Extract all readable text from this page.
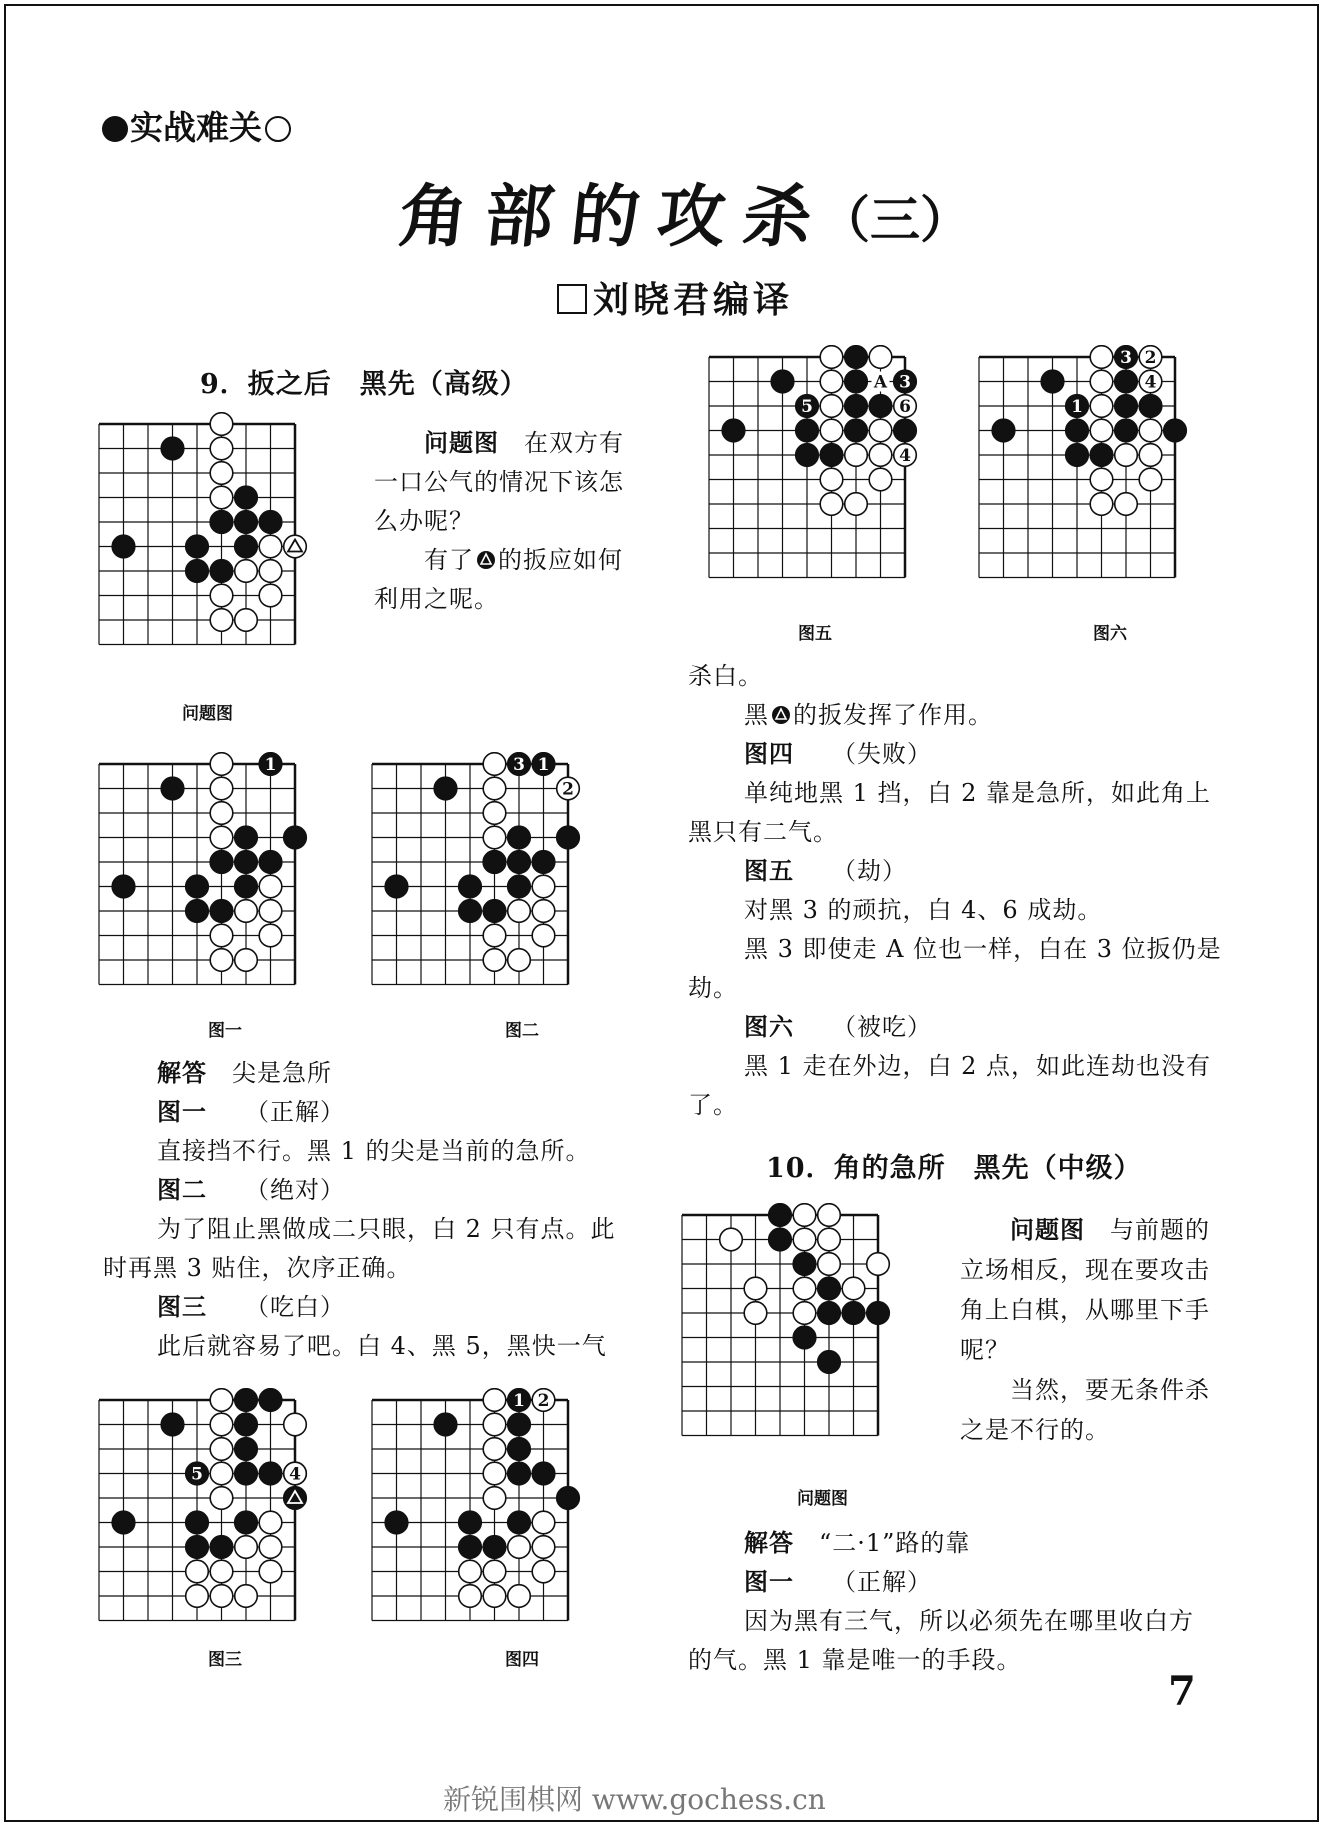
实战难关
角部的攻杀
（三）
刘晓君编译
9．扳之后　黑先（高级）
1	3 1
2
5	4
1 2
3
A
5	6
4
3 2
4
1
问题图
图一	图二
图三	图四
图五	图六
问题图
问题图　 在双方有
一口公气的情况下该怎
么办呢？
有了 的扳应如何
利用之呢。
解答　 尖是急所
图一　　 （正解）
直接挡不行。黑 1 的尖是当前的急所。
图二　　 （绝对）
为了阻止黑做成二只眼，白 2 只有点。此
时再黑 3 贴住，次序正确。
图三　　 （吃白）
此后就容易了吧。白 4、黑 5，黑快一气
杀白。
黑 的扳发挥了作用。
图四　　 （失败）
单纯地黑 1 挡，白 2 靠是急所，如此角上
黑只有二气。
图五　　 （劫）
对黑 3 的顽抗，白 4、6 成劫。
黑 3 即使走 A 位也一样，白在 3 位扳仍是
劫。
图六　　 （被吃）
黑 1 走在外边，白 2 点，如此连劫也没有
了。
10．角的急所　黑先（中级）
问题图　 与前题的
立场相反，现在要攻击
角上白棋，从哪里下手
呢？
当然，要无条件杀
之是不行的。
解答　 “二·1”路的靠
图一　　 （正解）
因为黑有三气，所以必须先在哪里收白方
的气。黑 1 靠是唯一的手段。
7
新锐围棋网 www.gochess.cn
